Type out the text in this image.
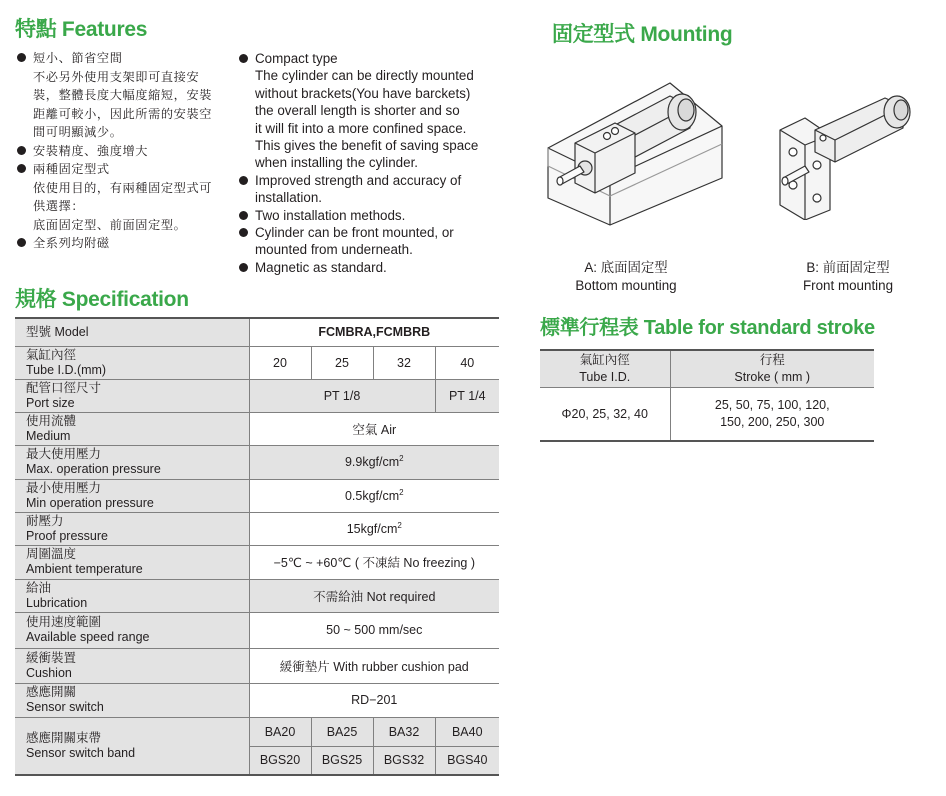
特點 Features
短小、節省空間
不必另外使用支架即可直接安
裝，整體長度大幅度縮短，安裝
距離可較小，因此所需的安裝空
間可明顯減少。
安裝精度、強度增大
兩種固定型式
依使用目的，有兩種固定型式可
供選擇：
底面固定型、前面固定型。
全系列均附磁
Compact type
The cylinder can be directly mounted
without brackets(You have barckets)
the overall length is shorter and so
it will fit into a more confined space.
This gives the benefit of saving space
when installing the cylinder.
Improved strength and accuracy of
installation.
Two installation methods.
Cylinder can be front mounted, or
mounted from underneath.
Magnetic as standard.
規格 Specification
型號 Model	FCMBRA,FCMBRB			

氣缸內徑
Tube I.D.(mm)	20	25	32	40

配管口徑尺寸
Port size	PT 1/8			PT 1/4

使用流體
Medium	空氣 Air			

最大使用壓力
Max. operation pressure	$9.9kgf/cm^2$

最小使用壓力
Min operation pressure	$0.5kgf/cm^2$

耐壓力
Proof pressure	$15kgf/cm^2$

周圍溫度
Ambient temperature	−5℃ ~ +60℃ ( 不凍結 No freezing )			

給油
Lubrication	不需給油 Not required			

使用速度範圍
Available speed range	50 ~ 500 mm/sec			

緩衝裝置
Cushion	緩衝墊片 With rubber cushion pad			

感應開關
Sensor switch	RD−201			

感應開關束帶
Sensor switch band	BA20	BA25	BA32	BA40
	BGS20	BGS25	BGS32	BGS40
固定型式 Mounting
A: 底面固定型
Bottom mounting
B: 前面固定型
Front mounting
標準行程表 Table for standard stroke
氣缸內徑
Tube I.D.	行程
Stroke ( mm )

Φ20, 25, 32, 40	25, 50, 75, 100, 120,
150, 200, 250, 300
